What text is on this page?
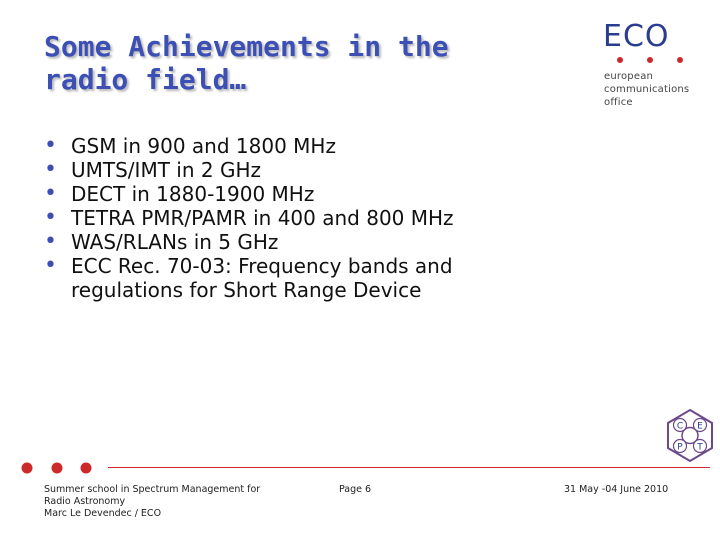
Some Achievements in the
radio field…
ECO
european
communications
office
• GSM in 900 and 1800 MHz
• UMTS/IMT in 2 GHz
• DECT in 1880-1900 MHz
• TETRA PMR/PAMR in 400 and 800 MHz
• WAS/RLANs in 5 GHz
• ECC Rec. 70-03: Frequency bands and regulations for Short Range Device
C E
P T
Summer school in Spectrum Management for
Radio Astronomy
Marc Le Devendec / ECO
Page 6	31 May -04 June 2010
